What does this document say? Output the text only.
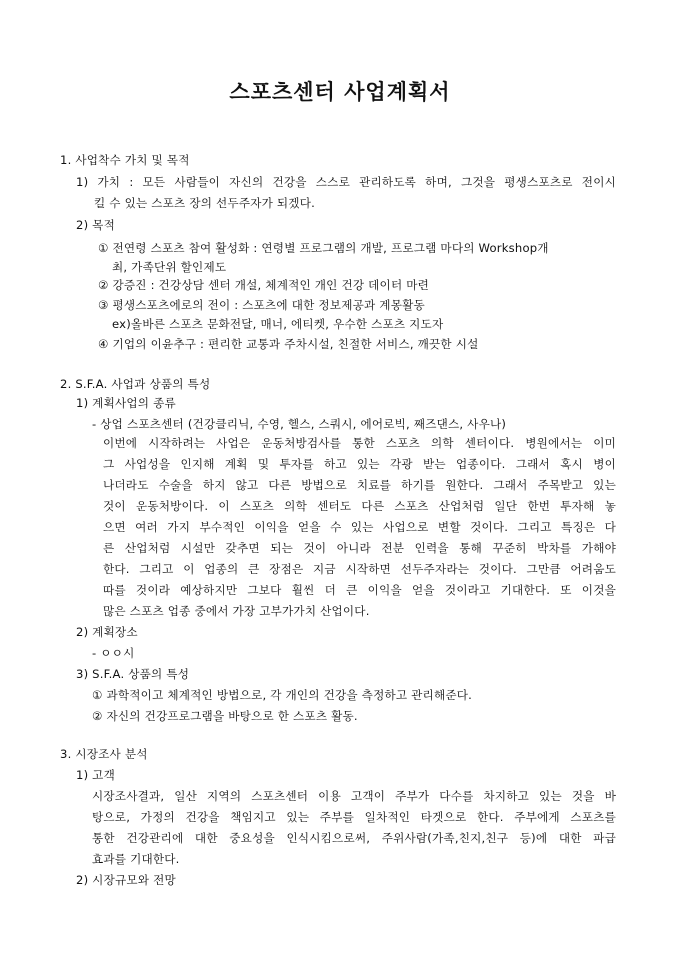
스포츠센터 사업계획서
1. 사업착수 가치 및 목적
1) 가치 : 모든 사람들이 자신의 건강을 스스로 관리하도록 하며, 그것을 평생스포츠로 전이시
킬 수 있는 스포츠 장의 선두주자가 되겠다.
2) 목적
① 전연령 스포츠 참여 활성화 : 연령별 프로그램의 개발, 프로그램 마다의 Workshop개
최, 가족단위 할인제도
② 강증진 : 건강상담 센터 개설, 체계적인 개인 건강 데이터 마련
③ 평생스포츠에로의 전이 : 스포츠에 대한 정보제공과 계몽활동
ex)올바른 스포츠 문화전달, 매너, 에티켓, 우수한 스포츠 지도자
④ 기업의 이윤추구 : 편리한 교통과 주차시설, 친절한 서비스, 깨끗한 시설
2. S.F.A. 사업과 상품의 특성
1) 계획사업의 종류
- 상업 스포츠센터 (건강클리닉, 수영, 헬스, 스쿼시, 에어로빅, 째즈댄스, 사우나)
이번에 시작하려는 사업은 운동처방검사를 통한 스포츠 의학 센터이다. 병원에서는 이미
그 사업성을 인지해 계획 및 투자를 하고 있는 각광 받는 업종이다. 그래서 혹시 병이
나더라도 수술을 하지 않고 다른 방법으로 치료를 하기를 원한다. 그래서 주목받고 있는
것이 운동처방이다. 이 스포츠 의학 센터도 다른 스포츠 산업처럼 일단 한번 투자해 놓
으면 여러 가지 부수적인 이익을 얻을 수 있는 사업으로 변할 것이다. 그리고 특징은 다
른 산업처럼 시설만 갖추면 되는 것이 아니라 전분 인력을 통해 꾸준히 박차를 가해야
한다. 그리고 이 업종의 큰 장점은 지금 시작하면 선두주자라는 것이다. 그만큼 어려움도
따를 것이라 예상하지만 그보다 훨씬 더 큰 이익을 얻을 것이라고 기대한다. 또 이것을
많은 스포츠 업종 중에서 가장 고부가가치 산업이다.
2) 계획장소
- ㅇㅇ시
3) S.F.A. 상품의 특성
① 과학적이고 체계적인 방법으로, 각 개인의 건강을 측정하고 관리해준다.
② 자신의 건강프로그램을 바탕으로 한 스포츠 활동.
3. 시장조사 분석
1) 고객
시장조사결과, 일산 지역의 스포츠센터 이용 고객이 주부가 다수를 차지하고 있는 것을 바
탕으로, 가정의 건강을 책임지고 있는 주부를 일차적인 타겟으로 한다. 주부에게 스포츠를
통한 건강관리에 대한 중요성을 인식시킴으로써, 주위사람(가족,친지,친구 등)에 대한 파급
효과를 기대한다.
2) 시장규모와 전망
